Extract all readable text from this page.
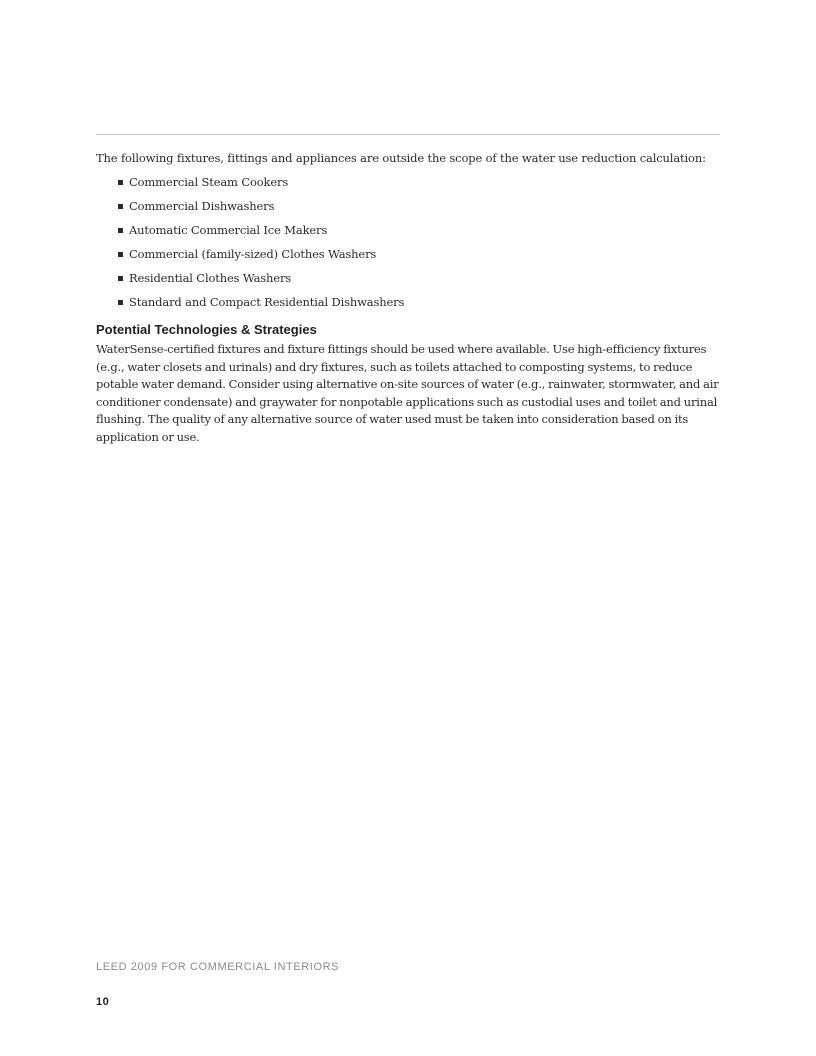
The following fixtures, fittings and appliances are outside the scope of the water use reduction calculation:

Commercial Steam Cookers
Commercial Dishwashers
Automatic Commercial Ice Makers
Commercial (family-sized) Clothes Washers
Residential Clothes Washers
Standard and Compact Residential Dishwashers
Potential Technologies & Strategies

WaterSense-certified fixtures and fixture fittings should be used where available. Use high-efficiency fixtures (e.g., water closets and urinals) and dry fixtures, such as toilets attached to composting systems, to reduce potable water demand. Consider using alternative on-site sources of water (e.g., rainwater, stormwater, and air conditioner condensate) and graywater for nonpotable applications such as custodial uses and toilet and urinal flushing. The quality of any alternative source of water used must be taken into consideration based on its application or use.

LEED 2009 FOR COMMERCIAL INTERIORS
10
